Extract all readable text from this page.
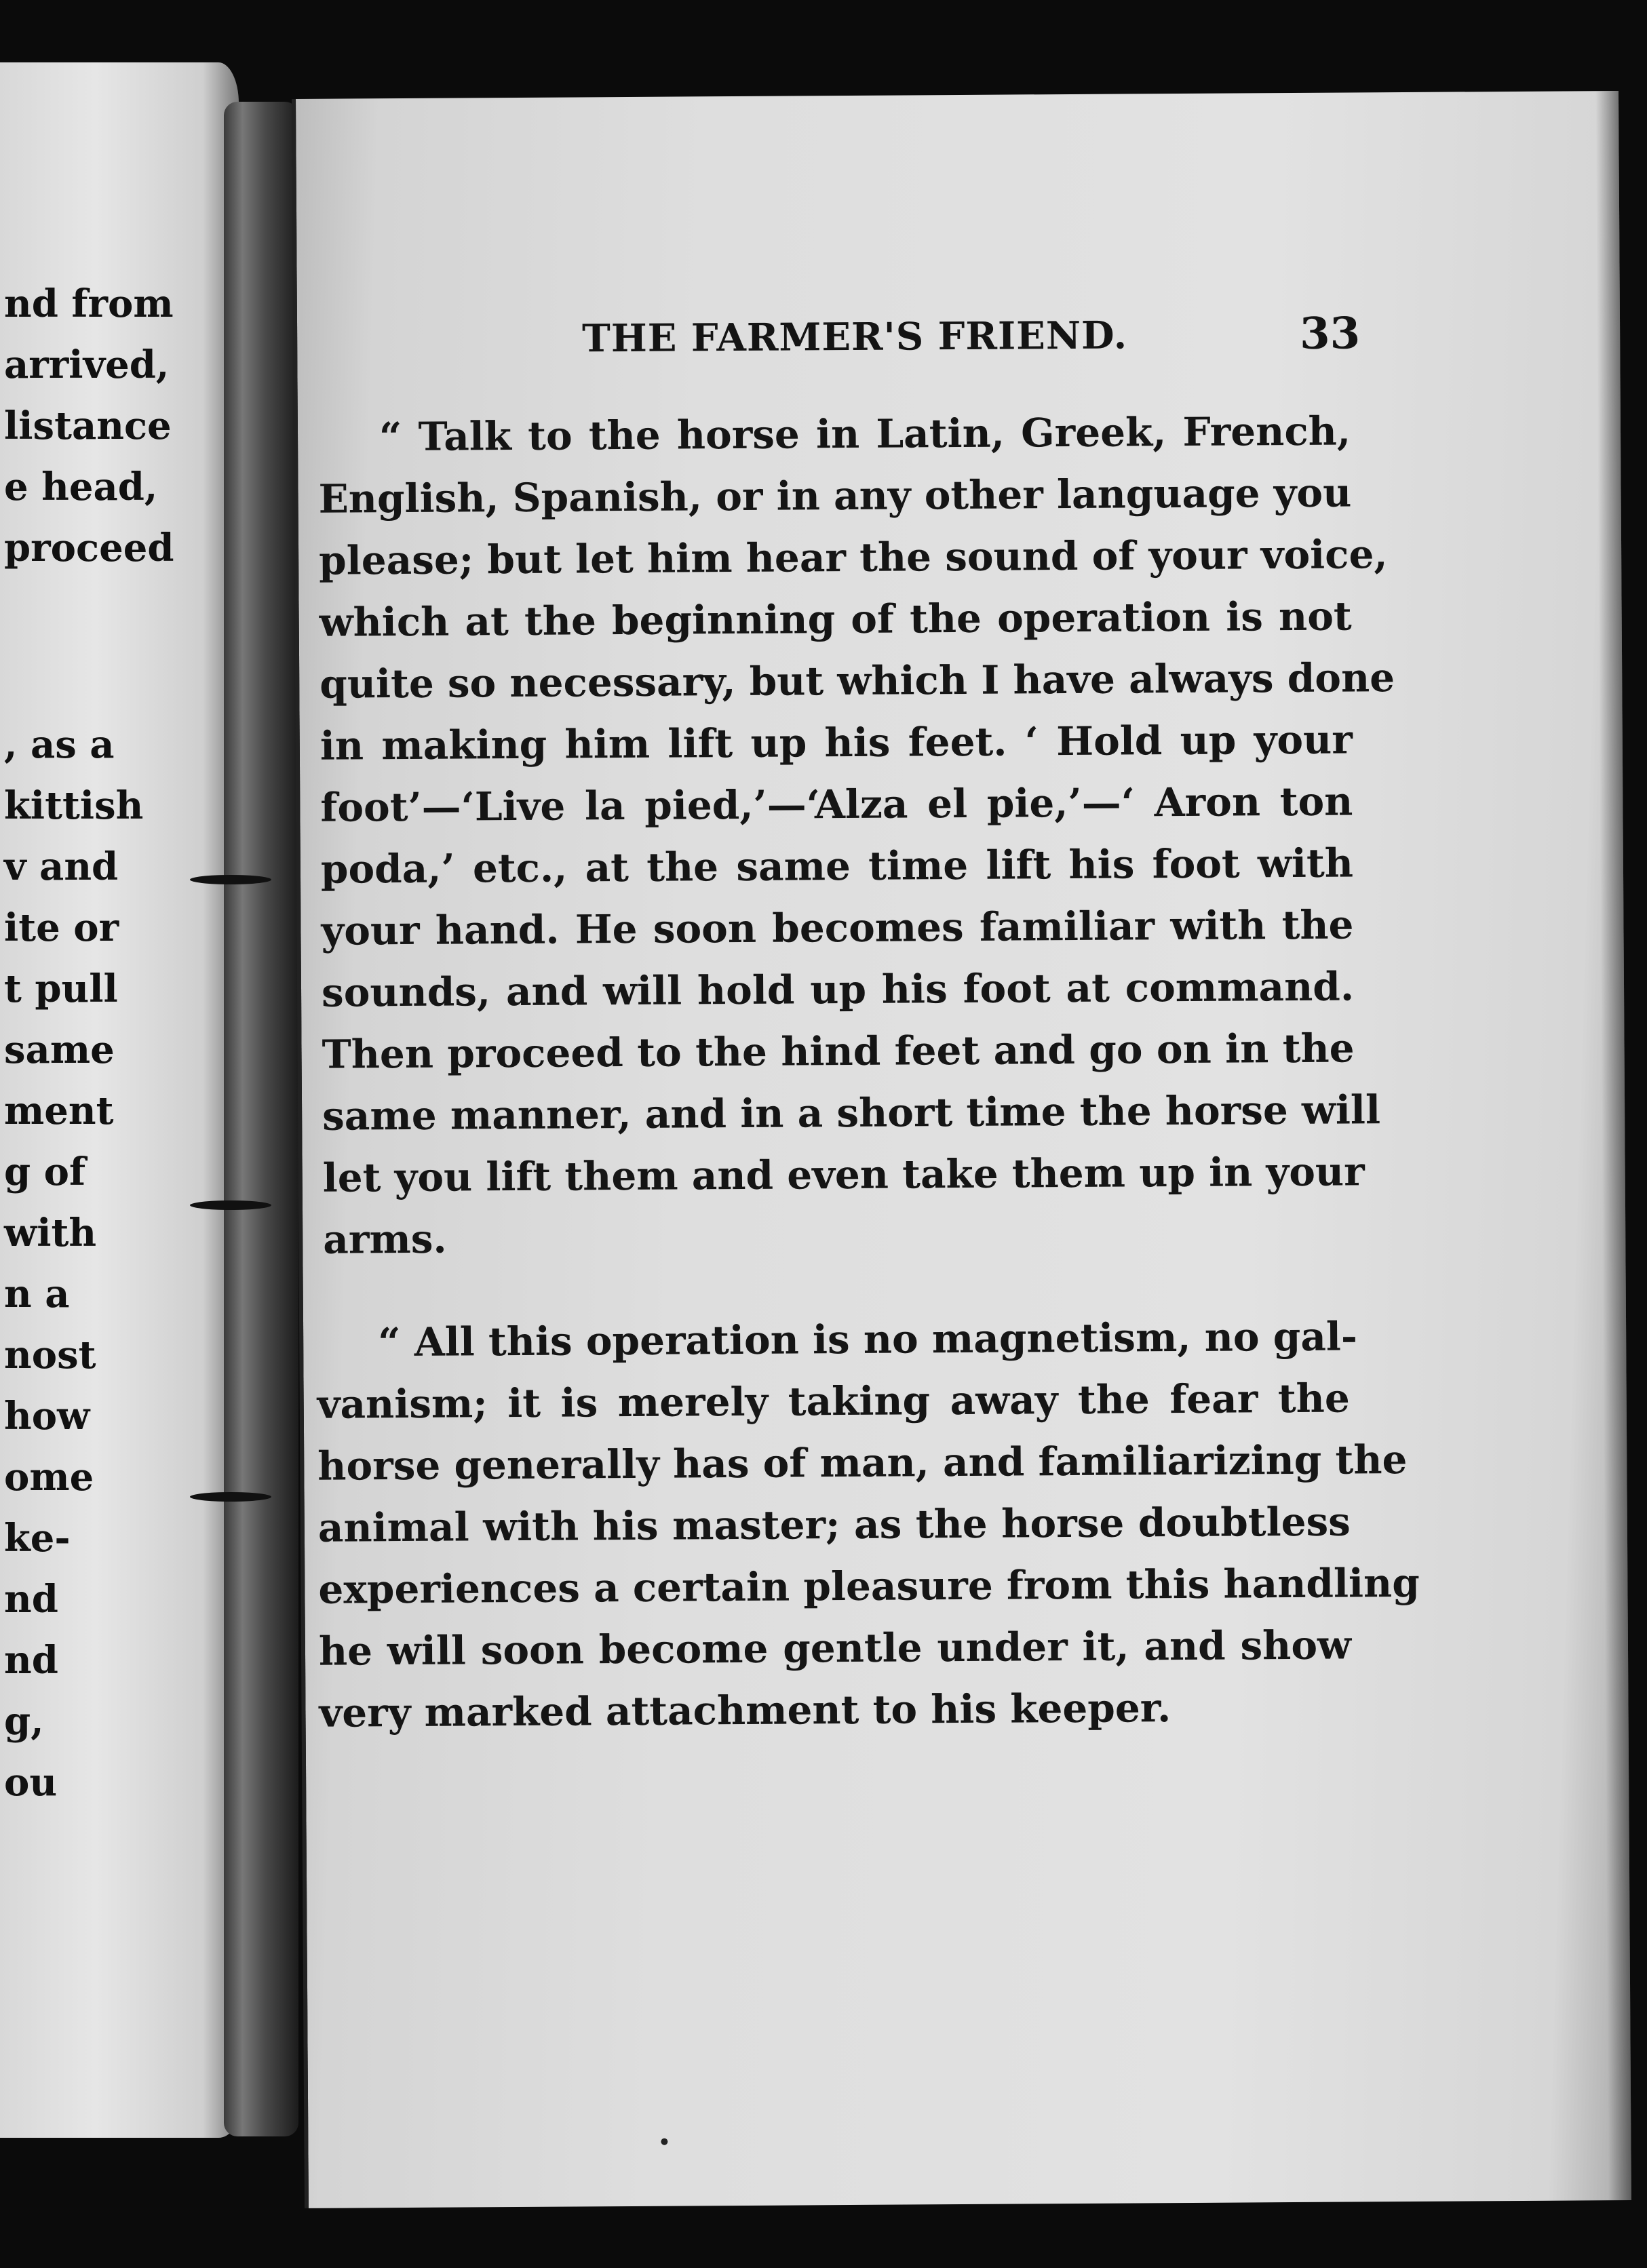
nd from
arrived,
listance
e head,
proceed
, as a
kittish
v and
ite or
t pull
same
ment
g of
with
n a
nost
how
ome
ke-
nd
nd
g,
ou
THE FARMER'S FRIEND.	33

“ Talk to the horse in Latin, Greek, French,
English, Spanish, or in any other language you
please; but let him hear the sound of your voice,
which at the beginning of the operation is not
quite so necessary, but which I have always done
in making him lift up his feet. ‘ Hold up your
foot’—‘Live la pied,’—‘Alza el pie,’—‘ Aron ton
poda,’ etc., at the same time lift his foot with
your hand. He soon becomes familiar with the
sounds, and will hold up his foot at command.
Then proceed to the hind feet and go on in the
same manner, and in a short time the horse will
let you lift them and even take them up in your
arms.
“ All this operation is no magnetism, no gal-
vanism; it is merely taking away the fear the
horse generally has of man, and familiarizing the
animal with his master; as the horse doubtless
experiences a certain pleasure from this handling
he will soon become gentle under it, and show
very marked attachment to his keeper.
